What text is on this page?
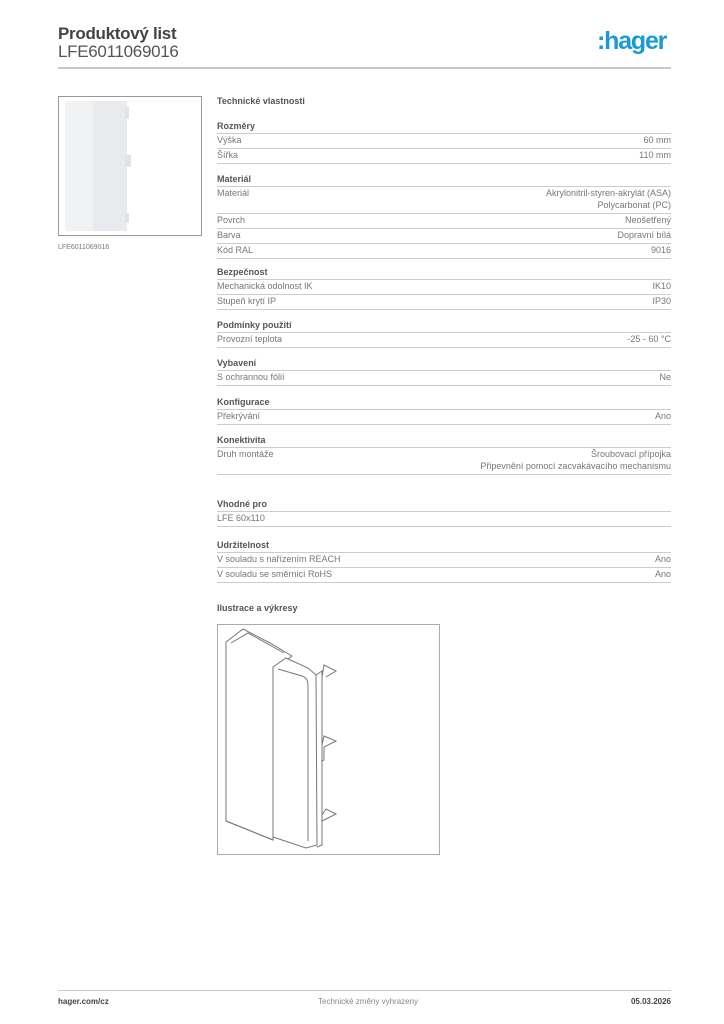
Produktový list
LFE6011069016	:hager
LFE6011069016
Technické vlastnosti
Rozměry
Výška	60 mm
Šířka	110 mm
Materiál
Materiál	Akrylonitril-styren-akrylát (ASA)
Polycarbonat (PC)
Povrch	Neošetřený
Barva	Dopravní bílá
Kód RAL	9016
Bezpečnost
Mechanická odolnost IK	IK10
Stupeň krytí IP	IP30
Podmínky použití
Provozní teplota	-25 - 60 °C
Vybavení
S ochrannou fólií	Ne
Konfigurace
Překrývání	Ano
Konektivita
Druh montáže	Šroubovací přípojka
Připevnění pomocí zacvakávacího mechanismu
Vhodné pro
LFE 60x110
Udržitelnost
V souladu s nařízením REACH	Ano
V souladu se směrnicí RoHS	Ano
Ilustrace a výkresy
hager.com/cz	Technické změny vyhrazeny	05.03.2026
